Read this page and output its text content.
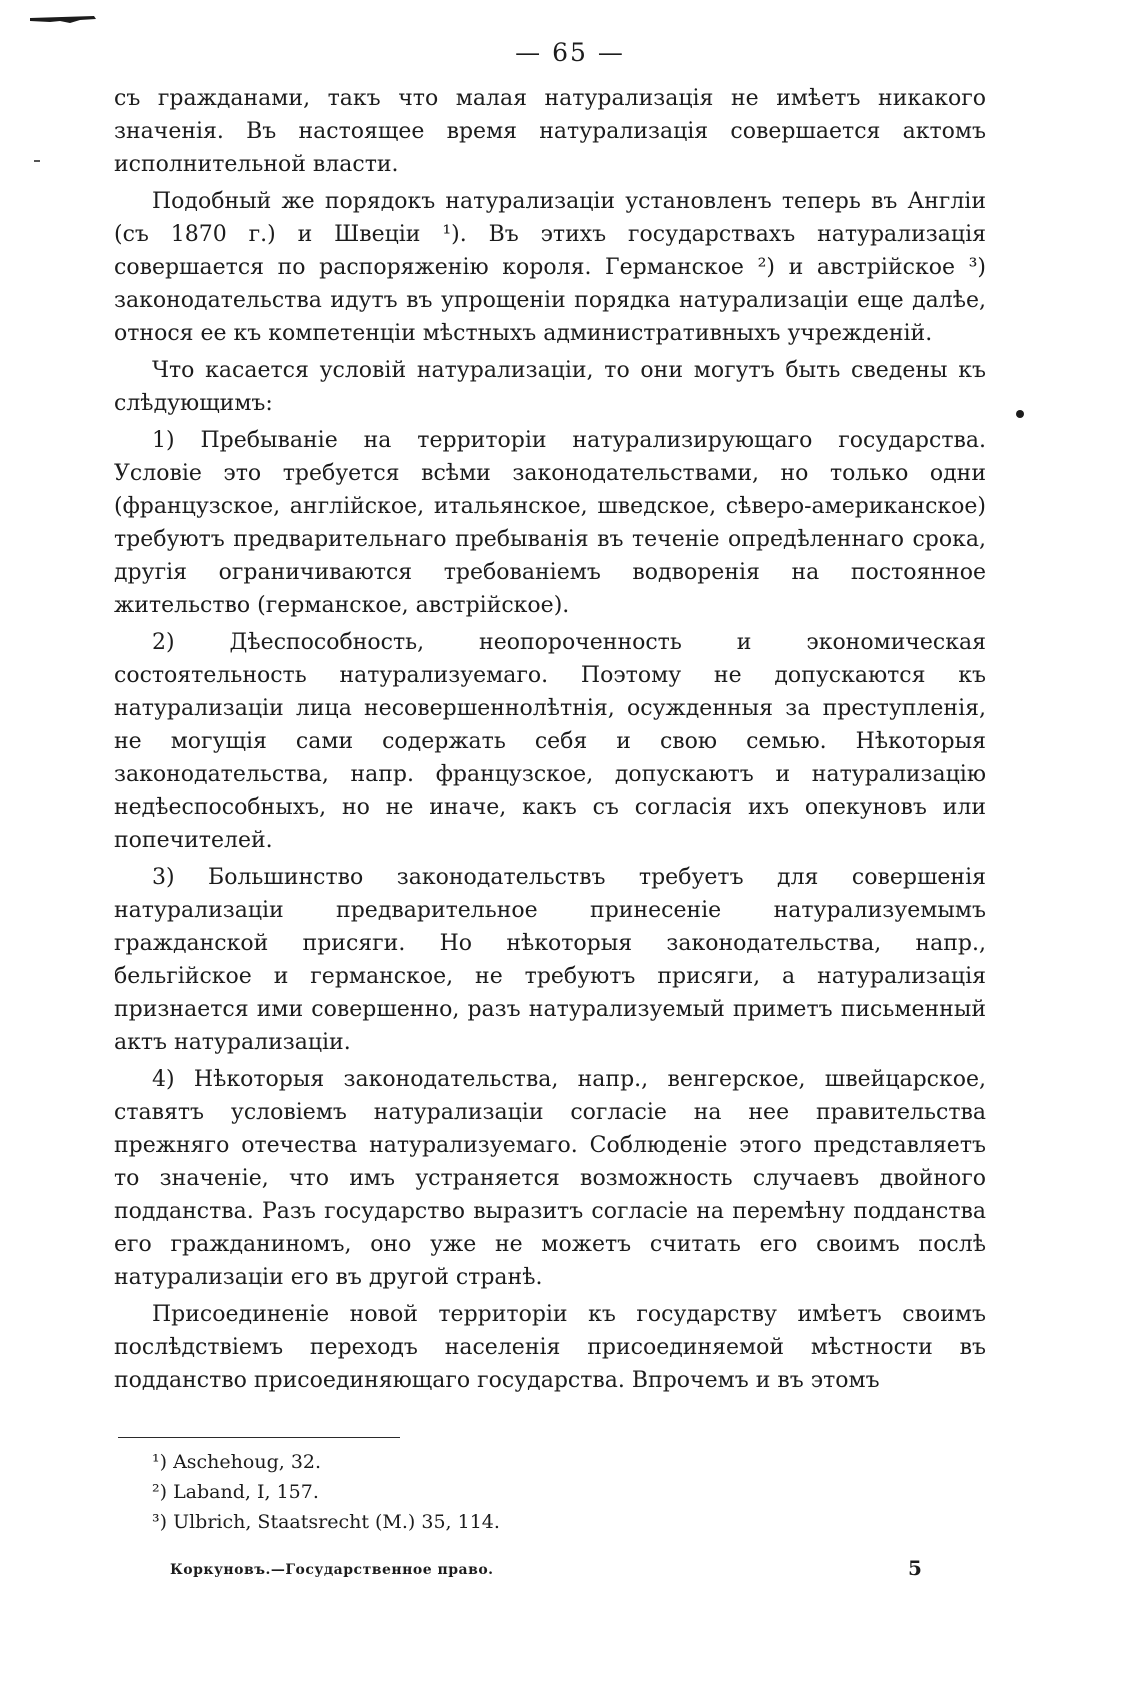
— 65 —

съ гражданами, такъ что малая натурализація не имѣетъ никакого значенія. Въ настоящее время натурализація совершается актомъ исполнительной власти.

Подобный же порядокъ натурализаціи установленъ теперь въ Англіи (съ 1870 г.) и Швеціи ¹). Въ этихъ государствахъ натурализація совершается по распоряженію короля. Германское ²) и австрійское ³) законодательства идутъ въ упрощеніи порядка натурализаціи еще далѣе, относя ее къ компетенціи мѣстныхъ административныхъ учрежденій.

Что касается условій натурализаціи, то они могутъ быть сведены къ слѣдующимъ:

1) Пребываніе на территоріи натурализирующаго государства. Условіе это требуется всѣми законодательствами, но только одни (французское, англійское, итальянское, шведское, сѣверо-американское) требуютъ предварительнаго пребыванія въ теченіе опредѣленнаго срока, другія ограничиваются требованіемъ водворенія на постоянное жительство (германское, австрійское).

2) Дѣеспособность, неопороченность и экономическая состоятельность натурализуемаго. Поэтому не допускаются къ натурализаціи лица несовершеннолѣтнія, осужденныя за преступленія, не могущія сами содержать себя и свою семью. Нѣкоторыя законодательства, напр. французское, допускаютъ и натурализацію недѣеспособныхъ, но не иначе, какъ съ согласія ихъ опекуновъ или попечителей.

3) Большинство законодательствъ требуетъ для совершенія натурализаціи предварительное принесеніе натурализуемымъ гражданской присяги. Но нѣкоторыя законодательства, напр., бельгійское и германское, не требуютъ присяги, а натурализація признается ими совершенно, разъ натурализуемый приметъ письменный актъ натурализаціи.

4) Нѣкоторыя законодательства, напр., венгерское, швейцарское, ставятъ условіемъ натурализаціи согласіе на нее правительства прежняго отечества натурализуемаго. Соблюденіе этого представляетъ то значеніе, что имъ устраняется возможность случаевъ двойного подданства. Разъ государство выразитъ согласіе на перемѣну подданства его гражданиномъ, оно уже не можетъ считать его своимъ послѣ натурализаціи его въ другой странѣ.

Присоединеніе новой территоріи къ государству имѣетъ своимъ послѣдствіемъ переходъ населенія присоединяемой мѣстности въ подданство присоединяющаго государства. Впрочемъ и въ этомъ

¹) Aschehoug, 32.

²) Laband, I, 157.

³) Ulbrich, Staatsrecht (M.) 35, 114.

Коркуновъ.—Государственное право.	5
